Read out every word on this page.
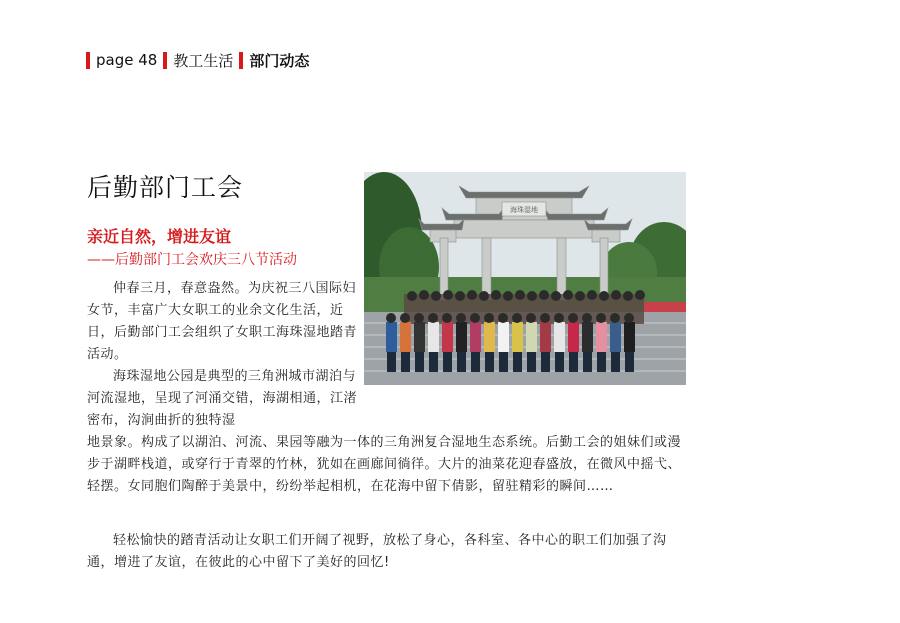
page 48 教工生活 部门动态
后勤部门工会
亲近自然，增进友谊
——后勤部门工会欢庆三八节活动
海珠湿地

仲春三月，春意盎然。为庆祝三八国际妇女节，丰富广大女职工的业余文化生活，近日，后勤部门工会组织了女职工海珠湿地踏青活动。

海珠湿地公园是典型的三角洲城市湖泊与河流湿地，呈现了河涌交错，海湖相通，江渚密布，沟涧曲折的独特湿

地景象。构成了以湖泊、河流、果园等融为一体的三角洲复合湿地生态系统。后勤工会的姐妹们或漫步于湖畔栈道，或穿行于青翠的竹林，犹如在画廊间徜徉。大片的油菜花迎春盛放，在微风中摇弋、轻摆。女同胞们陶醉于美景中，纷纷举起相机，在花海中留下倩影，留驻精彩的瞬间……

轻松愉快的踏青活动让女职工们开阔了视野，放松了身心，各科室、各中心的职工们加强了沟通，增进了友谊，在彼此的心中留下了美好的回忆!
